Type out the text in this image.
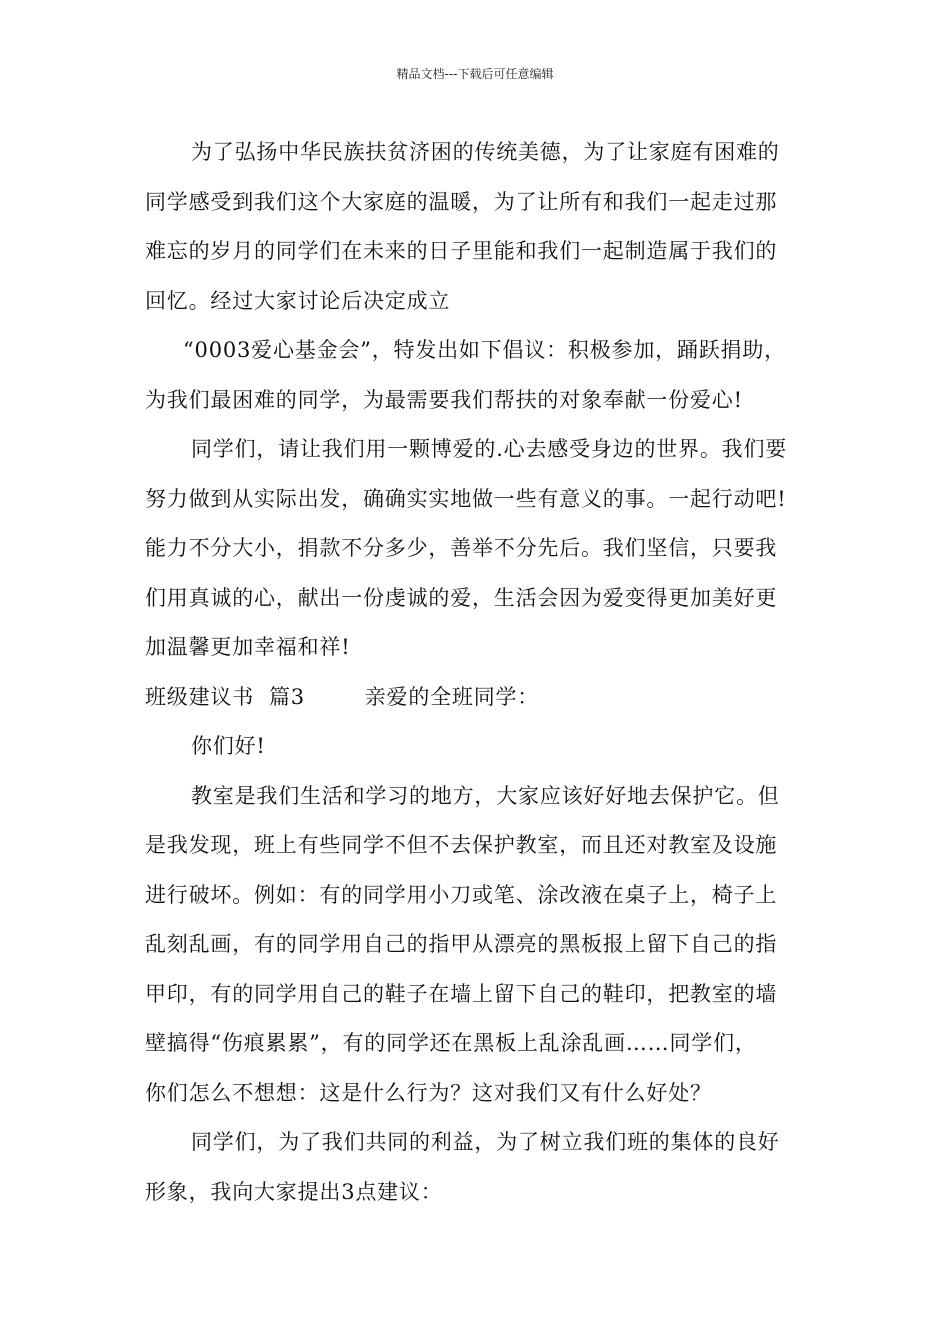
精品文档---下载后可任意编辑
为了弘扬中华民族扶贫济困的传统美德，为了让家庭有困难的
同学感受到我们这个大家庭的温暖，为了让所有和我们一起走过那
难忘的岁月的同学们在未来的日子里能和我们一起制造属于我们的
回忆。经过大家讨论后决定成立
“0003爱心基金会”，特发出如下倡议：积极参加，踊跃捐助，
为我们最困难的同学，为最需要我们帮扶的对象奉献一份爱心!
同学们，请让我们用一颗博爱的.心去感受身边的世界。我们要
努力做到从实际出发，确确实实地做一些有意义的事。一起行动吧!
能力不分大小，捐款不分多少，善举不分先后。我们坚信，只要我
们用真诚的心，献出一份虔诚的爱，生活会因为爱变得更加美好更
加温馨更加幸福和祥!
班级建议书  篇3        亲爱的全班同学：
你们好!
教室是我们生活和学习的地方，大家应该好好地去保护它。但
是我发现，班上有些同学不但不去保护教室，而且还对教室及设施
进行破坏。例如：有的同学用小刀或笔、涂改液在桌子上，椅子上
乱刻乱画，有的同学用自己的指甲从漂亮的黑板报上留下自己的指
甲印，有的同学用自己的鞋子在墙上留下自己的鞋印，把教室的墙
壁搞得“伤痕累累”，有的同学还在黑板上乱涂乱画……同学们，
你们怎么不想想：这是什么行为？这对我们又有什么好处？
同学们，为了我们共同的利益，为了树立我们班的集体的良好
形象，我向大家提出3点建议：
